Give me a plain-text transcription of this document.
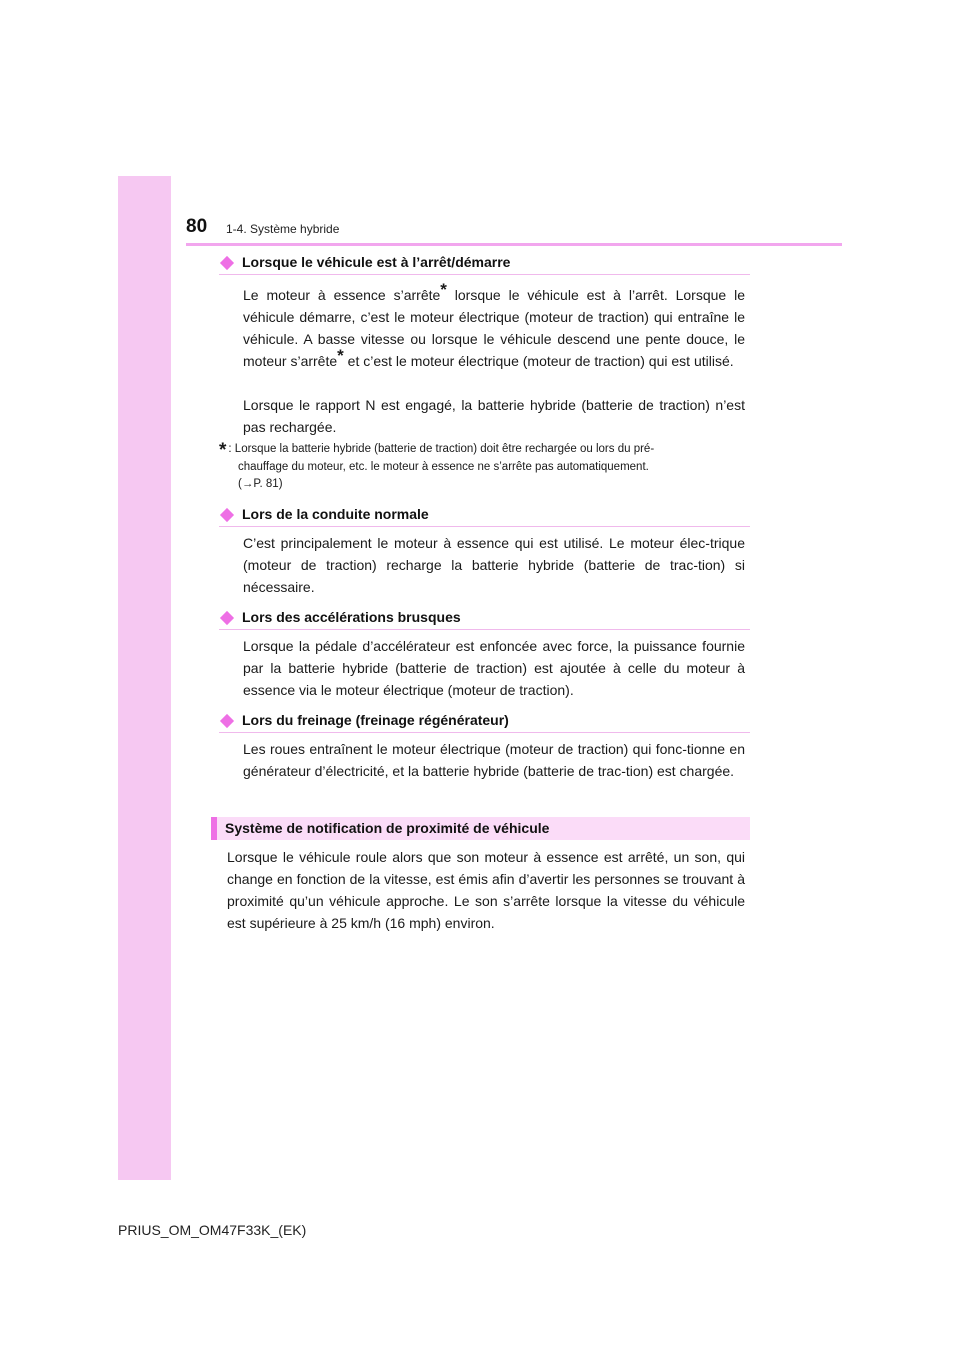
80 1-4. Système hybride
Lorsque le véhicule est à l’arrêt/démarre

Le moteur à essence s’arrête* lorsque le véhicule est à l’arrêt. Lorsque le véhicule démarre, c’est le moteur électrique (moteur de traction) qui entraîne le véhicule. A basse vitesse ou lorsque le véhicule descend une pente douce, le moteur s’arrête* et c’est le moteur électrique (moteur de traction) qui est utilisé.

Lorsque le rapport N est engagé, la batterie hybride (batterie de traction) n’est pas rechargée.

* : Lorsque la batterie hybride (batterie de traction) doit être rechargée ou lors du pré-
chauffage du moteur, etc. le moteur à essence ne s’arrête pas automatiquement.
(→P. 81)
Lors de la conduite normale

C’est principalement le moteur à essence qui est utilisé. Le moteur élec-trique (moteur de traction) recharge la batterie hybride (batterie de trac-tion) si nécessaire.

Lors des accélérations brusques

Lorsque la pédale d’accélérateur est enfoncée avec force, la puissance fournie par la batterie hybride (batterie de traction) est ajoutée à celle du moteur à essence via le moteur électrique (moteur de traction).

Lors du freinage (freinage régénérateur)

Les roues entraînent le moteur électrique (moteur de traction) qui fonc-tionne en générateur d’électricité, et la batterie hybride (batterie de trac-tion) est chargée.

Système de notification de proximité de véhicule

Lorsque le véhicule roule alors que son moteur à essence est arrêté, un son, qui change en fonction de la vitesse, est émis afin d’avertir les personnes se trouvant à proximité qu’un véhicule approche. Le son s’arrête lorsque la vitesse du véhicule est supérieure à 25 km/h (16 mph) environ.

PRIUS_OM_OM47F33K_(EK)
